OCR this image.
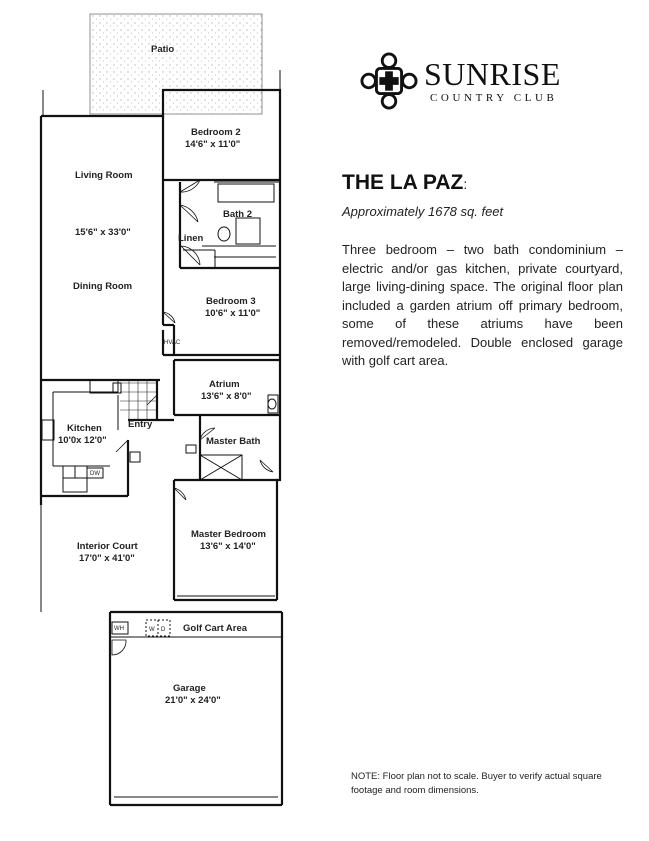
Patio
Bedroom 2
14'6" x 11'0"
Living Room
15'6" x 33'0"
Bath 2
Linen
Dining Room
Bedroom 3
10'6" x 11'0"
HVAC
Atrium
13'6" x 8'0"
Kitchen
10'0x 12'0"
Entry
Master Bath
DW
Master Bedroom
13'6" x 14'0"
Interior Court
17'0" x 41'0"
WH	W D Golf Cart Area
Garage
21'0" x 24'0"
SUNRISE
COUNTRY CLUB
THE LA PAZ:
Approximately 1678 sq. feet
Three bedroom – two bath condominium – electric and/or gas kitchen, private courtyard, large living-dining space. The original floor plan included a garden atrium off primary bedroom, some of these atriums have been removed/remodeled. Double enclosed garage with golf cart area.
NOTE: Floor plan not to scale. Buyer to verify actual square footage and room dimensions.
